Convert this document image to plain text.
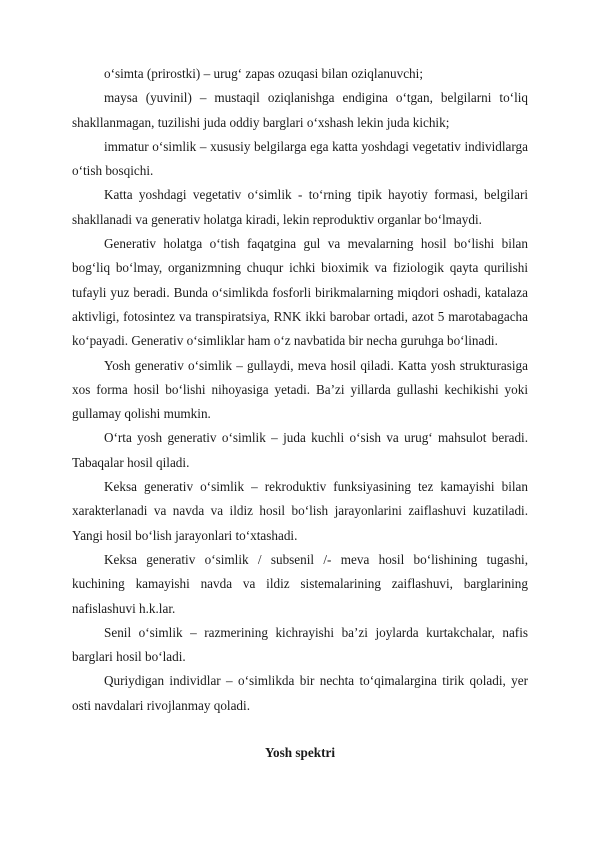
o‘simta (prirostki) – urug‘ zapas ozuqasi bilan oziqlanuvchi;

maysa (yuvinil) – mustaqil oziqlanishga endigina o‘tgan, belgilarni to‘liq shakllanmagan, tuzilishi juda oddiy barglari o‘xshash lekin juda kichik;

immatur o‘simlik – xususiy belgilarga ega katta yoshdagi vegetativ individlarga o‘tish bosqichi.

Katta yoshdagi vegetativ o‘simlik - to‘rning tipik hayotiy formasi, belgilari shakllanadi va generativ holatga kiradi, lekin reproduktiv organlar bo‘lmaydi.

Generativ holatga o‘tish faqatgina gul va mevalarning hosil bo‘lishi bilan bog‘liq bo‘lmay, organizmning chuqur ichki bioximik va fiziologik qayta qurilishi tufayli yuz beradi. Bunda o‘simlikda fosforli birikmalarning miqdori oshadi, katalaza aktivligi, fotosintez va transpiratsiya, RNK ikki barobar ortadi, azot 5 marotabagacha ko‘payadi. Generativ o‘simliklar ham o‘z navbatida bir necha guruhga bo‘linadi.

Yosh generativ o‘simlik – gullaydi, meva hosil qiladi. Katta yosh strukturasiga xos forma hosil bo‘lishi nihoyasiga yetadi. Ba’zi yillarda gullashi kechikishi yoki gullamay qolishi mumkin.

O‘rta yosh generativ o‘simlik – juda kuchli o‘sish va urug‘ mahsulot beradi. Tabaqalar hosil qiladi.

Keksa generativ o‘simlik – rekroduktiv funksiyasining tez kamayishi bilan xarakterlanadi va navda va ildiz hosil bo‘lish jarayonlarini zaiflashuvi kuzatiladi. Yangi hosil bo‘lish jarayonlari to‘xtashadi.

Keksa generativ o‘simlik / subsenil /- meva hosil bo‘lishining tugashi, kuchining kamayishi navda va ildiz sistemalarining zaiflashuvi, barglarining nafislashuvi h.k.lar.

Senil o‘simlik – razmerining kichrayishi ba’zi joylarda kurtakchalar, nafis barglari hosil bo‘ladi.

Quriydigan individlar – o‘simlikda bir nechta to‘qimalargina tirik qoladi, yer osti navdalari rivojlanmay qoladi.

Yosh spektri
